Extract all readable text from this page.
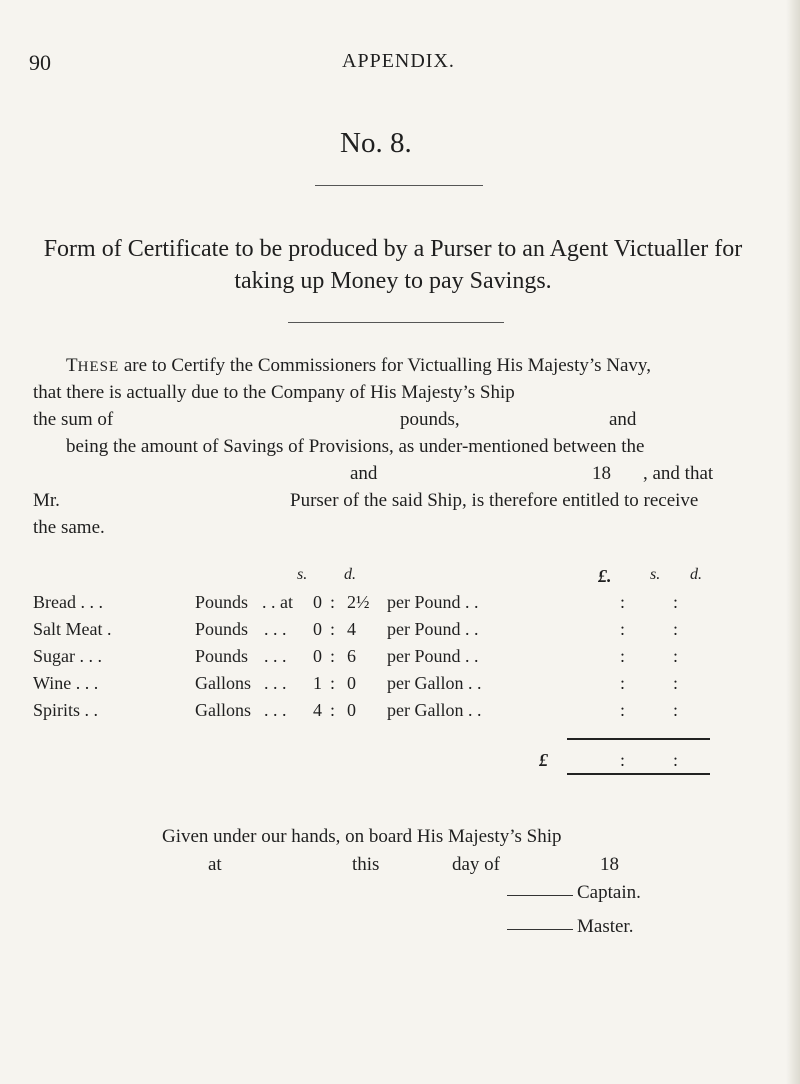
90	APPENDIX.
No. 8.
Form of Certificate to be produced by a Purser to an Agent Victualler for taking up Money to pay Savings.
THESE are to Certify the Commissioners for Victualling His Majesty’s Navy,
that there is actually due to the Company of His Majesty’s Ship
the sum of	pounds,	and
being the amount of Savings of Provisions, as under-mentioned between the
and	18 , and that
Mr.	Purser of the said Ship, is therefore entitled to receive
the same.
s. d.	£. s. d.
Bread . . .	Pounds . . at 0 : 2½ per Pound . .	:	:
Salt Meat .	Pounds . . . 0 : 4 per Pound . .	:	:
Sugar . . .	Pounds . . . 0 : 6 per Pound . .	:	:
Wine . . .	Gallons . . . 1 : 0 per Gallon . .	:	:
Spirits . .	Gallons . . . 4 : 0 per Gallon . .	:	:
£	:	:
Given under our hands, on board His Majesty’s Ship
at	this	day of	18
Captain.
Master.
